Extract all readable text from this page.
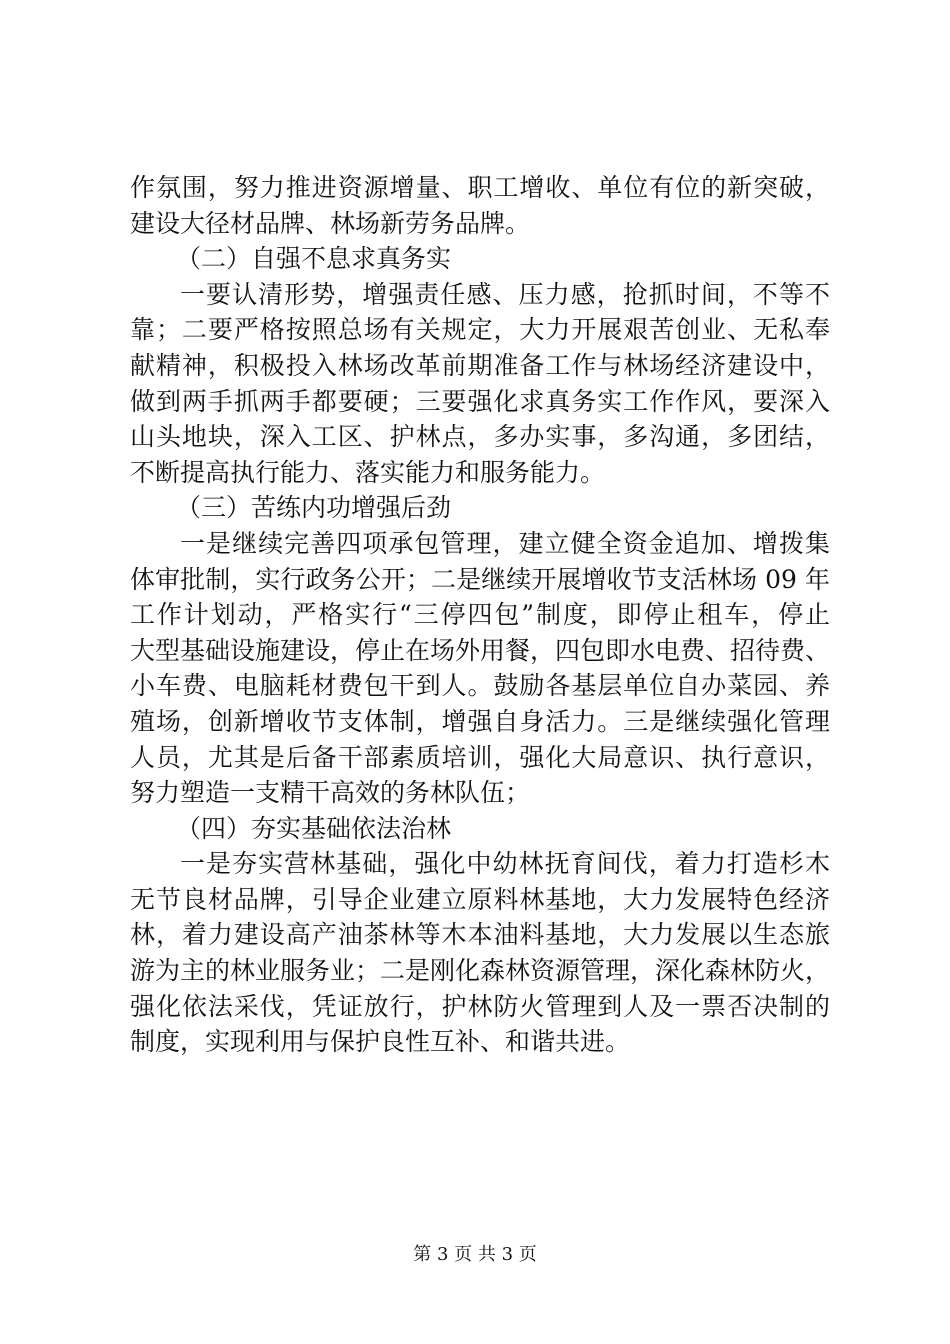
作氛围，努力推进资源增量、职工增收、单位有位的新突破，
建设大径材品牌、林场新劳务品牌。
（二）自强不息求真务实
一要认清形势，增强责任感、压力感，抢抓时间，不等不
靠；二要严格按照总场有关规定，大力开展艰苦创业、无私奉
献精神，积极投入林场改革前期准备工作与林场经济建设中，
做到两手抓两手都要硬；三要强化求真务实工作作风，要深入
山头地块，深入工区、护林点，多办实事，多沟通，多团结，
不断提高执行能力、落实能力和服务能力。
（三）苦练内功增强后劲
一是继续完善四项承包管理，建立健全资金追加、增拨集
体审批制，实行政务公开；二是继续开展增收节支活林场 09 年
工作计划动，严格实行“三停四包”制度，即停止租车，停止
大型基础设施建设，停止在场外用餐，四包即水电费、招待费、
小车费、电脑耗材费包干到人。鼓励各基层单位自办菜园、养
殖场，创新增收节支体制，增强自身活力。三是继续强化管理
人员，尤其是后备干部素质培训，强化大局意识、执行意识，
努力塑造一支精干高效的务林队伍；
（四）夯实基础依法治林
一是夯实营林基础，强化中幼林抚育间伐，着力打造杉木
无节良材品牌，引导企业建立原料林基地，大力发展特色经济
林，着力建设高产油茶林等木本油料基地，大力发展以生态旅
游为主的林业服务业；二是刚化森林资源管理，深化森林防火，
强化依法采伐，凭证放行，护林防火管理到人及一票否决制的
制度，实现利用与保护良性互补、和谐共进。
第 3 页 共 3 页
